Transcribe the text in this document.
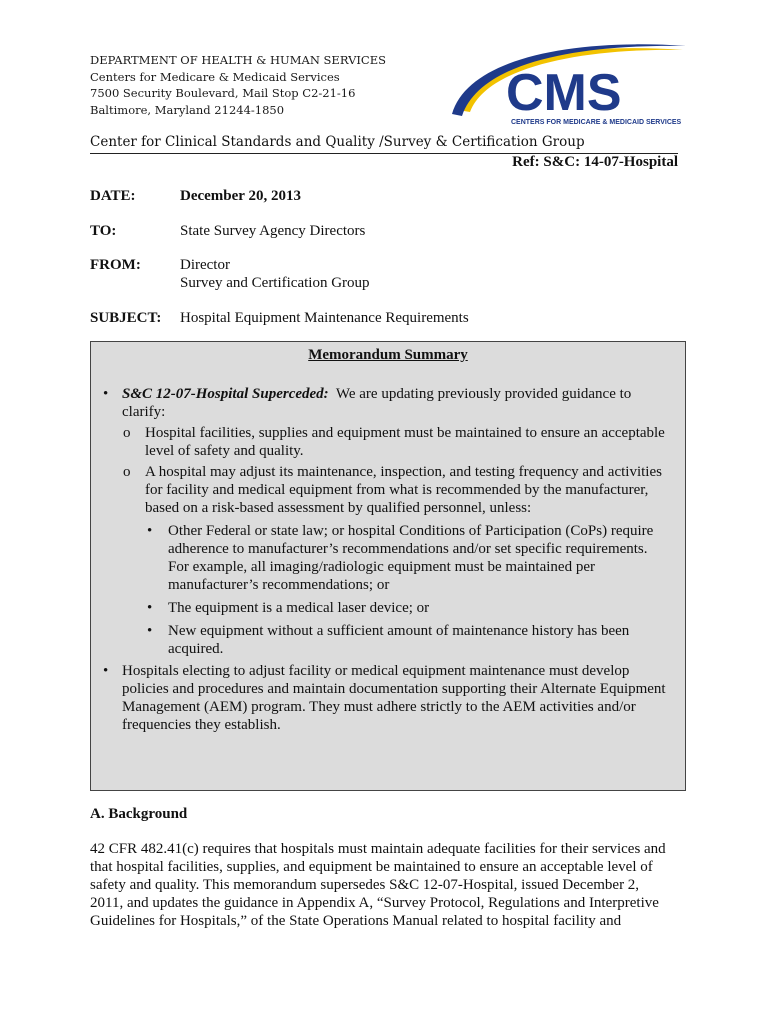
DEPARTMENT OF HEALTH & HUMAN SERVICES
Centers for Medicare & Medicaid Services
7500 Security Boulevard, Mail Stop C2-21-16
Baltimore, Maryland 21244-1850	CMS
CENTERS FOR MEDICARE & MEDICAID SERVICES
Center for Clinical Standards and Quality /Survey & Certification Group
Ref: S&C: 14-07-Hospital
DATE:	December 20, 2013
TO:	State Survey Agency Directors
FROM:	Director
Survey and Certification Group
SUBJECT: Hospital Equipment Maintenance Requirements
Memorandum Summary
• S&C 12-07-Hospital Superceded: We are updating previously provided guidance to
clarify:
o Hospital facilities, supplies and equipment must be maintained to ensure an acceptable
level of safety and quality.
o A hospital may adjust its maintenance, inspection, and testing frequency and activities
for facility and medical equipment from what is recommended by the manufacturer,
based on a risk-based assessment by qualified personnel, unless:
• Other Federal or state law; or hospital Conditions of Participation (CoPs) require
adherence to manufacturer’s recommendations and/or set specific requirements.
For example, all imaging/radiologic equipment must be maintained per
manufacturer’s recommendations; or
• The equipment is a medical laser device; or
• New equipment without a sufficient amount of maintenance history has been
acquired.
• Hospitals electing to adjust facility or medical equipment maintenance must develop
policies and procedures and maintain documentation supporting their Alternate Equipment
Management (AEM) program. They must adhere strictly to the AEM activities and/or
frequencies they establish.
A. Background
42 CFR 482.41(c) requires that hospitals must maintain adequate facilities for their services and
that hospital facilities, supplies, and equipment be maintained to ensure an acceptable level of
safety and quality. This memorandum supersedes S&C 12-07-Hospital, issued December 2,
2011, and updates the guidance in Appendix A, “Survey Protocol, Regulations and Interpretive
Guidelines for Hospitals,” of the State Operations Manual related to hospital facility and
